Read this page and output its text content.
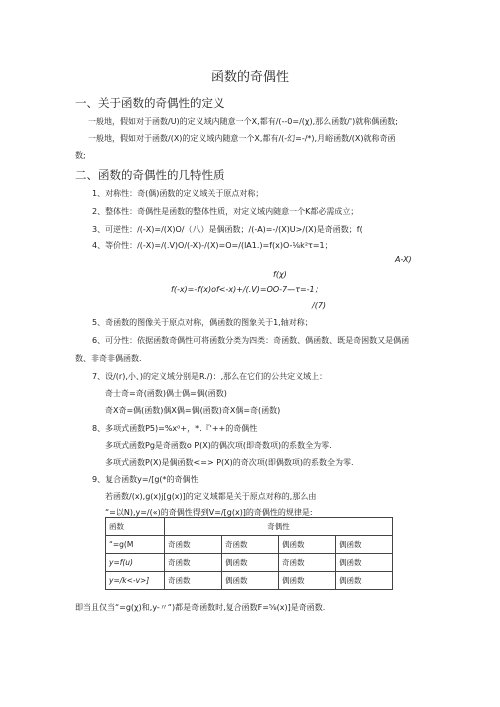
函数的奇偶性
一、关于函数的奇偶性的定义
一般地，假如对于函数/U)的定义域内随意一个X,都有/(--0=/(χ),那么函数/')就称偶函数;
一般地，假如对于函数/(X)的定义域内随意一个X,都有/(-幻=-/*),月峪函数/(X)就称奇函
数;
二、函数的奇偶性的几特性质
1、对称性：奇(偶)函数的定义域关于原点对称；
2、整体性：奇偶性是函数的整体性质，对定义域内随意一个K都必需成立；
3、可逆性：/(-X)=/(X)O/（八）是偶函数；/(-A)=-/(X)U>/(X)是奇函数；f(
4、等价性：/(-X)=/(.V)O/(-X)-/(X)=O=/(lA1.)=f(x)O-⅛k²τ=1；
A-X)
f(χ)
f(-x)=-f(x)of<-x)+/(.V)=OO-7—τ=-1；
/(7)
5、奇函数的图像关于原点对称，偶函数的图象关于1,轴对称；
6、可分性：依据函数奇偶性可将函数分类为四类：奇函数、偶函数、既是奇困数又是偶函
数、非奇非偶函数.
7、设/(r),小、)的定义域分别是R./)：,那么在它们的公共定义域上：
奇士奇=奇(函数)偶士偶=偶(函数)
奇X奇=偶(函数)偶X偶=偶(函数)奇X偶=奇(函数)
8、多项式函数P5)=%x⁰+，*.『'++的奇偶性
多项式函数Pg是奇函数o P(X)的偶次项(即奇数项)的系数全为零.
多项式函数P(X)是偶函数<=> P(X)的奇次项(即偶数项)的系数全为零.
9、复合函数y=/[g(*的奇偶性
若函数/(x),g(x)j[g(x)]的定义域都是关于原点对称的,那么由
“=以N),y=/(«)的奇偶性得到V=/[g(x)]的奇偶性的规律是:
函数	奇偶性			
“=g(M	奇函数	奇函数	偶函数	偶函数
y=f(u)	奇函数	偶函数	奇函数	偶函数
y=/k<-v>]	奇函数	偶函数	偶函数	偶函数
即当且仅当“=g(χ)和,y-〃“)都是奇函数时,复合函数F=⅝(x)]是奇函数.
